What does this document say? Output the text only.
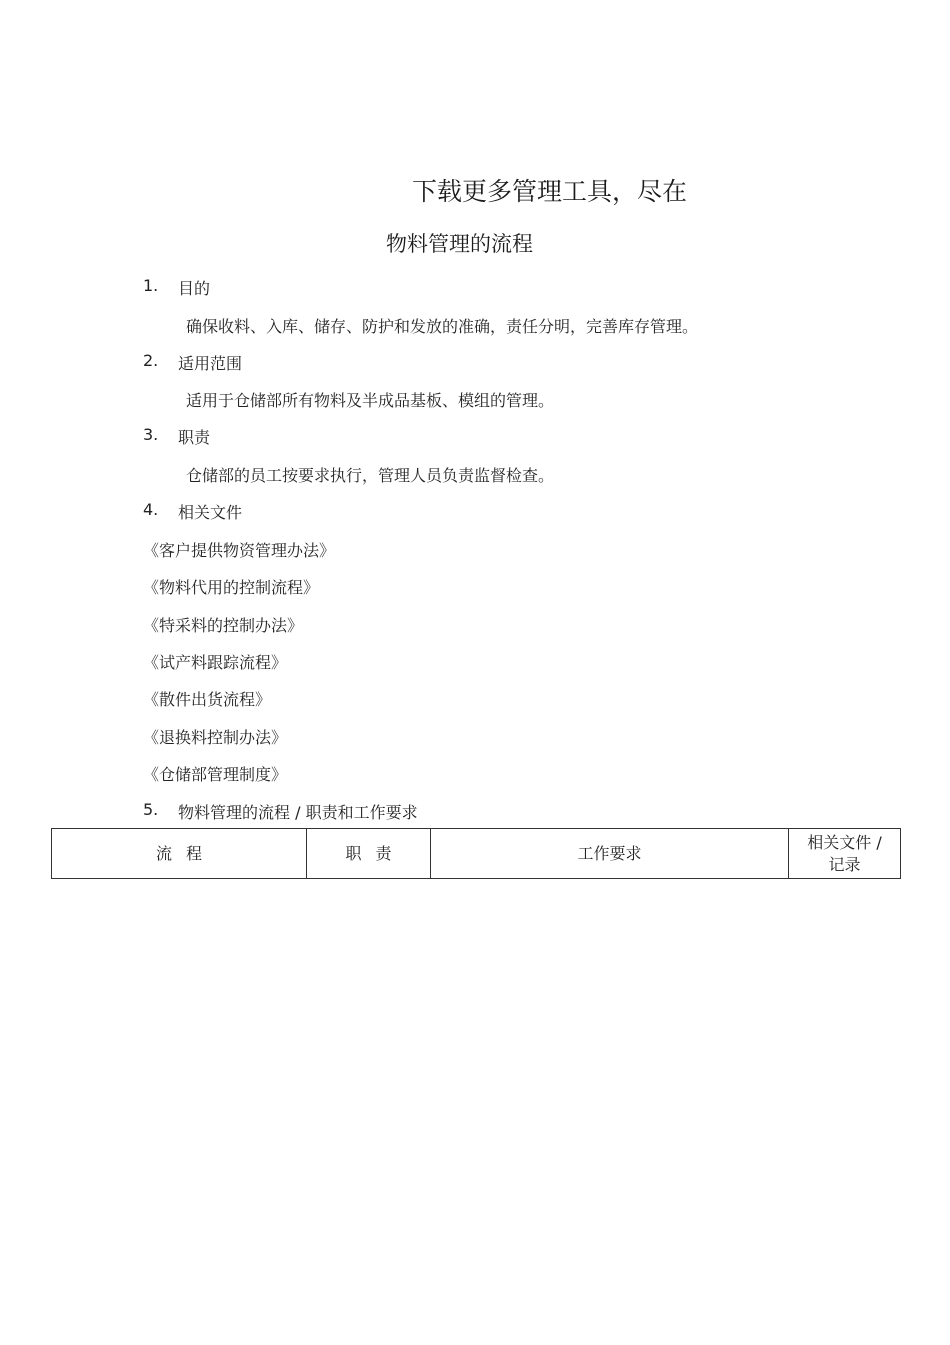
下载更多管理工具，尽在
物料管理的流程
1. 目的
确保收料、入库、储存、防护和发放的准确，责任分明，完善库存管理。
2. 适用范围
适用于仓储部所有物料及半成品基板、模组的管理。
3. 职责
仓储部的员工按要求执行，管理人员负责监督检查。
4. 相关文件
《客户提供物资管理办法》
《物料代用的控制流程》
《特采料的控制办法》
《试产料跟踪流程》
《散件出货流程》
《退换料控制办法》
《仓储部管理制度》
5. 物料管理的流程 / 职责和工作要求
流程	职责	工作要求	
相关文件 /
记录
